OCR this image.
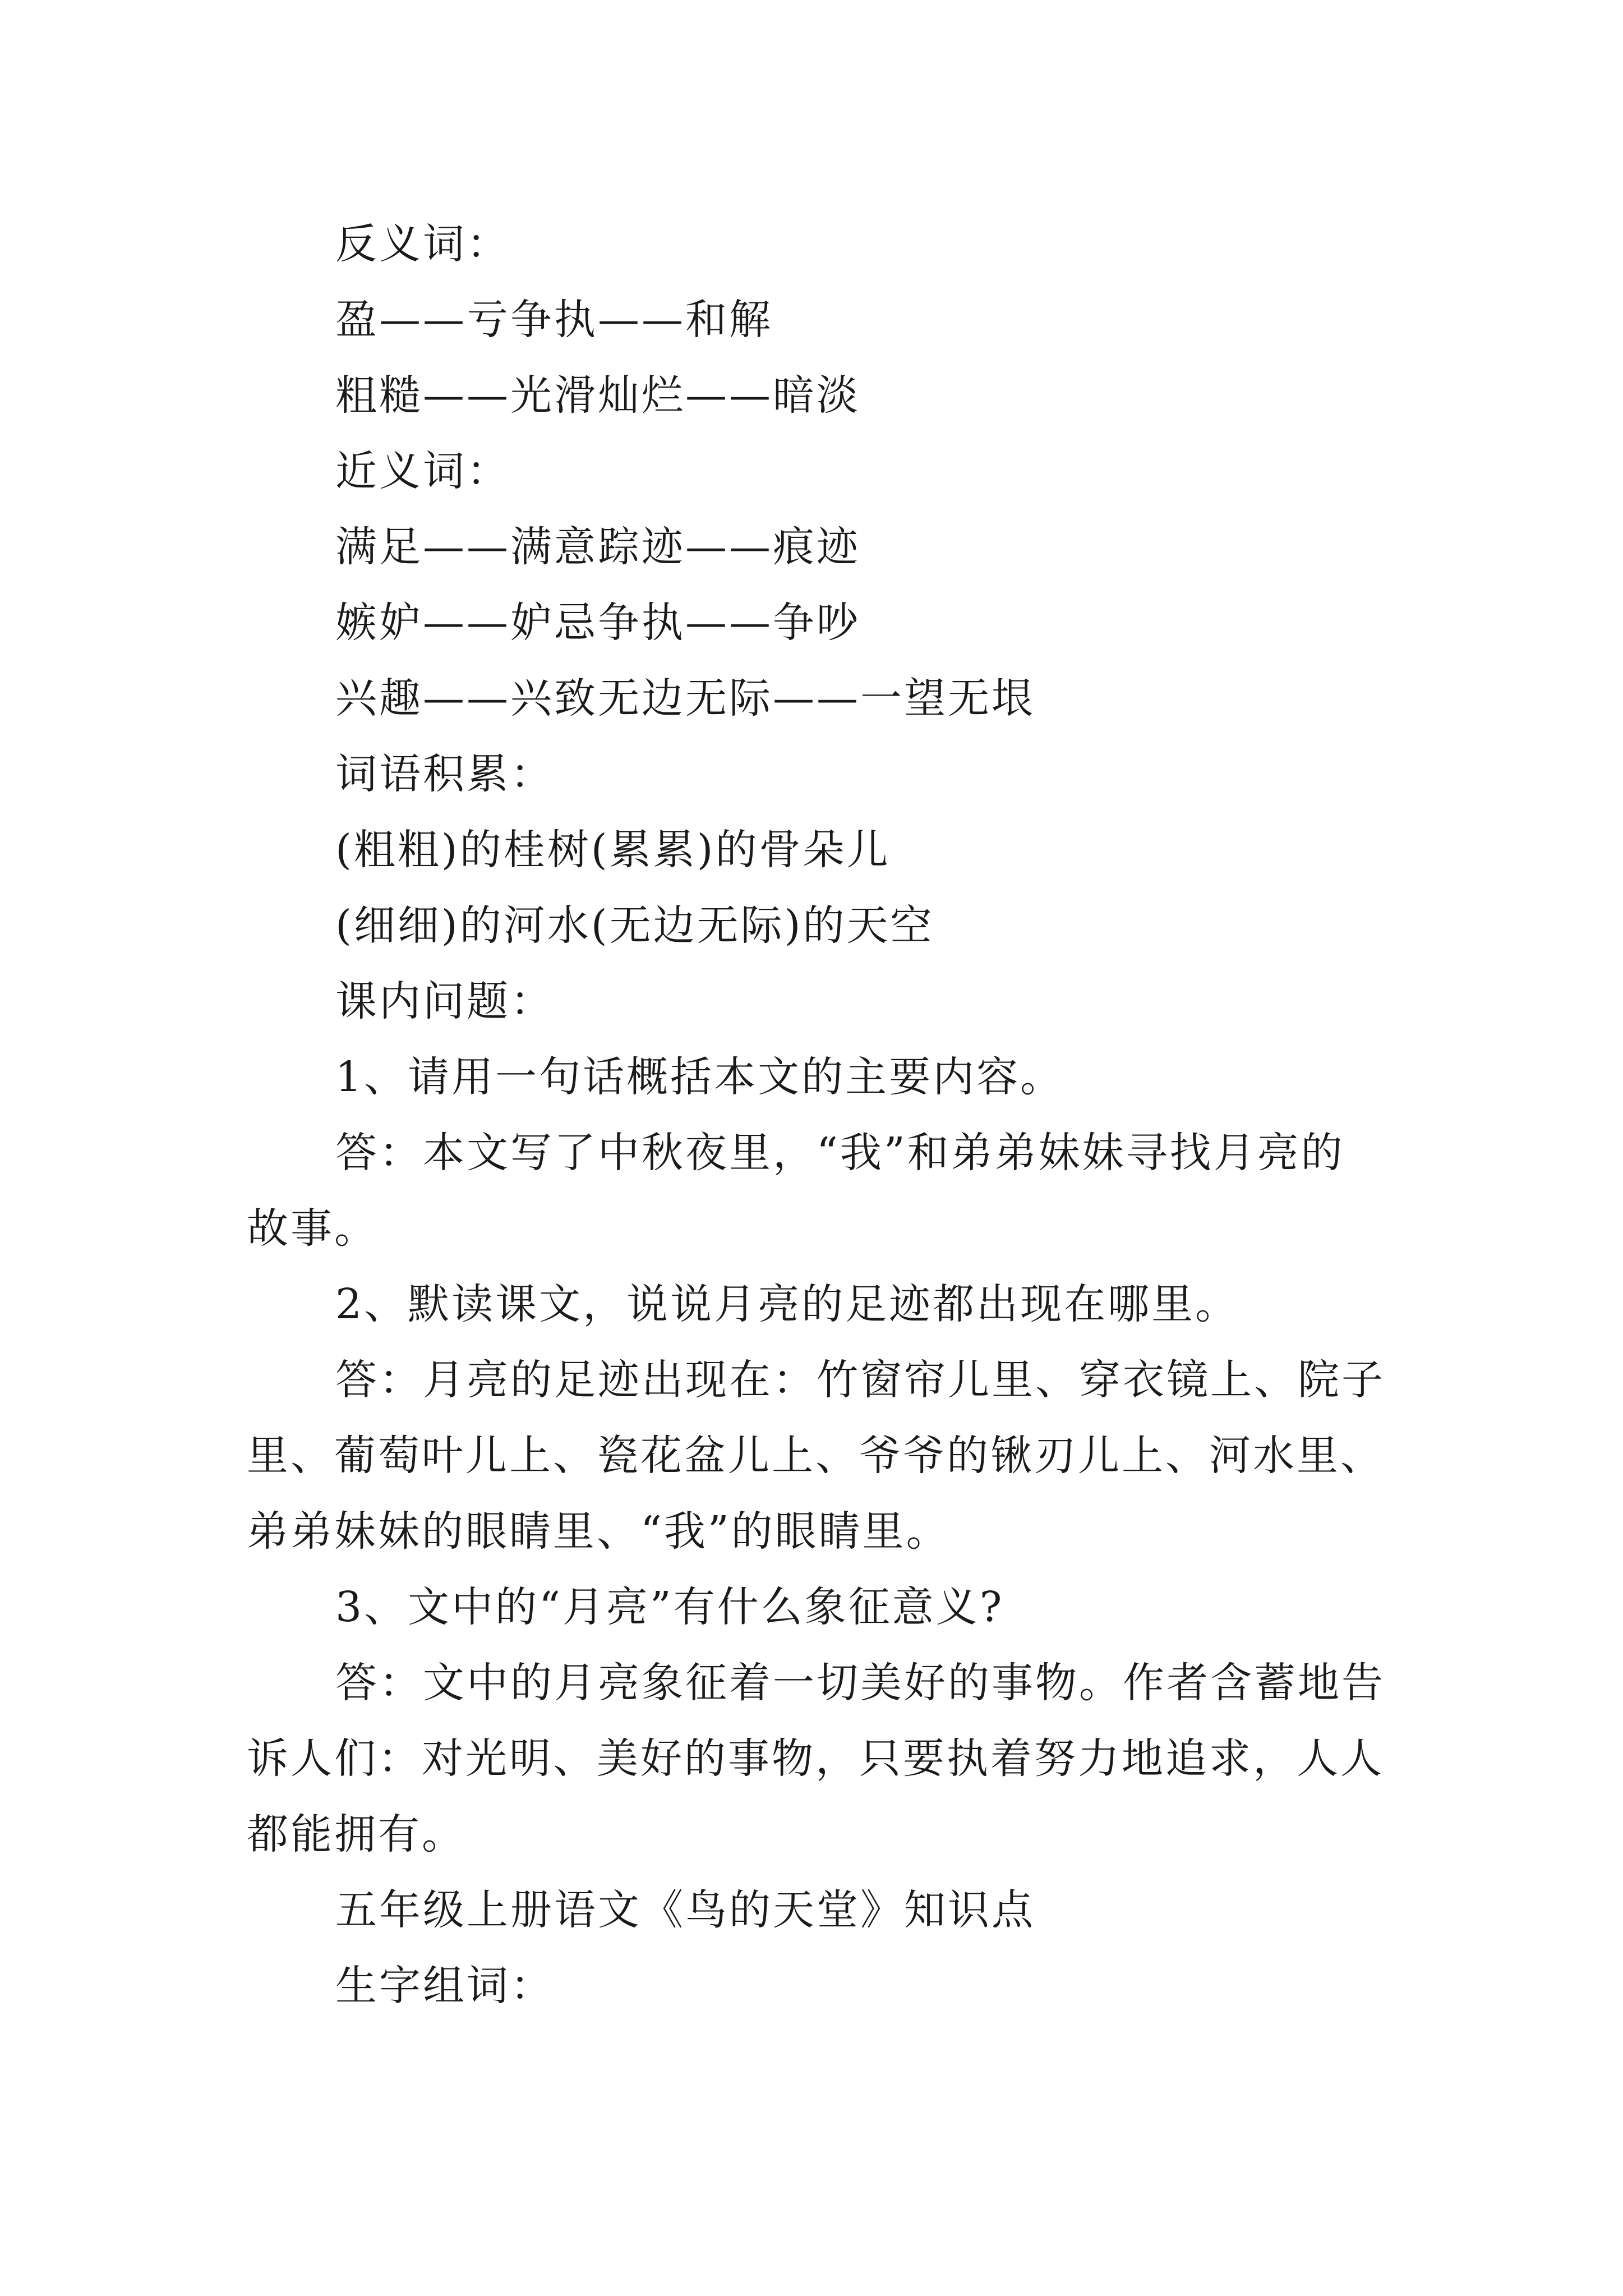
反义词：
盈——亏争执——和解
粗糙——光滑灿烂——暗淡
近义词：
满足——满意踪迹——痕迹
嫉妒——妒忌争执——争吵
兴趣——兴致无边无际——一望无垠
词语积累：
(粗粗)的桂树(累累)的骨朵儿
(细细)的河水(无边无际)的天空
课内问题：
1、请用一句话概括本文的主要内容。
答：本文写了中秋夜里，“我”和弟弟妹妹寻找月亮的
故事。
2、默读课文，说说月亮的足迹都出现在哪里。
答：月亮的足迹出现在：竹窗帘儿里、穿衣镜上、院子
里、葡萄叶儿上、瓷花盆儿上、爷爷的锹刃儿上、河水里、
弟弟妹妹的眼睛里、“我”的眼睛里。
3、文中的“月亮”有什么象征意义?
答：文中的月亮象征着一切美好的事物。作者含蓄地告
诉人们：对光明、美好的事物，只要执着努力地追求，人人
都能拥有。
五年级上册语文《鸟的天堂》知识点
生字组词：
